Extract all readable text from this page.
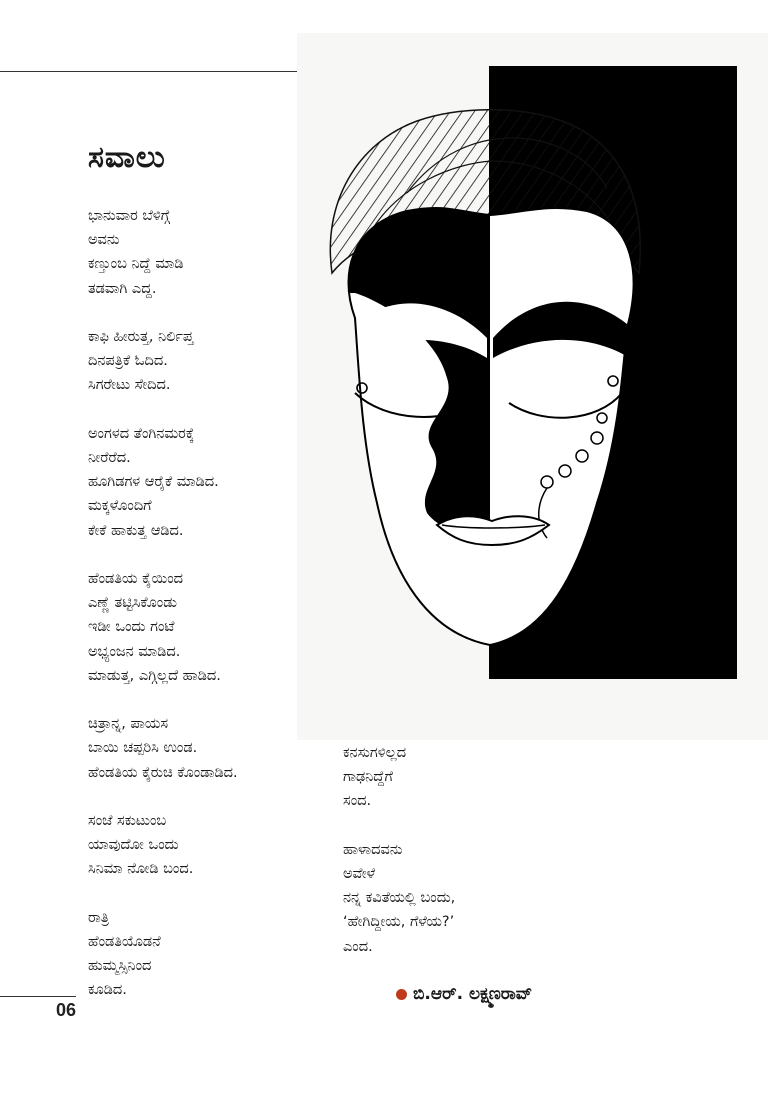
ಸವಾಲು
ಭಾನುವಾರ ಬೆಳಿಗ್ಗೆ
ಅವನು
ಕಣ್ತುಂಬ ನಿದ್ದೆ ಮಾಡಿ
ತಡವಾಗಿ ಎದ್ದ.
ಕಾಫಿ ಹೀರುತ್ತ, ನಿರ್ಲಿಪ್ತ
ದಿನಪತ್ರಿಕೆ ಓದಿದ.
ಸಿಗರೇಟು ಸೇದಿದ.
ಅಂಗಳದ ತೆಂಗಿನಮರಕ್ಕೆ
ನೀರೆರೆದ.
ಹೂಗಿಡಗಳ ಆರೈಕೆ ಮಾಡಿದ.
ಮಕ್ಕಳೊಂದಿಗೆ
ಕೇಕೆ ಹಾಕುತ್ತ ಆಡಿದ.
ಹೆಂಡತಿಯ ಕೈಯಿಂದ
ಎಣ್ಣೆ ತಟ್ಟಿಸಿಕೊಂಡು
ಇಡೀ ಒಂದು ಗಂಟೆ
ಅಭ್ಯಂಜನ ಮಾಡಿದ.
ಮಾಡುತ್ತ, ಎಗ್ಗಿಲ್ಲದೆ ಹಾಡಿದ.
ಚಿತ್ರಾನ್ನ, ಪಾಯಸ
ಬಾಯಿ ಚಪ್ಪರಿಸಿ ಉಂಡ.
ಹೆಂಡತಿಯ ಕೈರುಚಿ ಕೊಂಡಾಡಿದ.
ಸಂಜೆ ಸಕುಟುಂಬ
ಯಾವುದೋ ಒಂದು
ಸಿನಿಮಾ ನೋಡಿ ಬಂದ.
ರಾತ್ರಿ
ಹೆಂಡತಿಯೊಡನೆ
ಹುಮ್ಮಸ್ಸಿನಿಂದ
ಕೂಡಿದ.
ಕನಸುಗಳಿಲ್ಲದ
ಗಾಢನಿದ್ದೆಗೆ
ಸಂದ.
ಹಾಳಾದವನು
ಅವೇಳೆ
ನನ್ನ ಕವಿತೆಯಲ್ಲಿ ಬಂದು,
‘ಹೇಗಿದ್ದೀಯ, ಗೆಳೆಯ?’
ಎಂದ.
ಬಿ.ಆರ್. ಲಕ್ಷ್ಮಣರಾವ್
06
